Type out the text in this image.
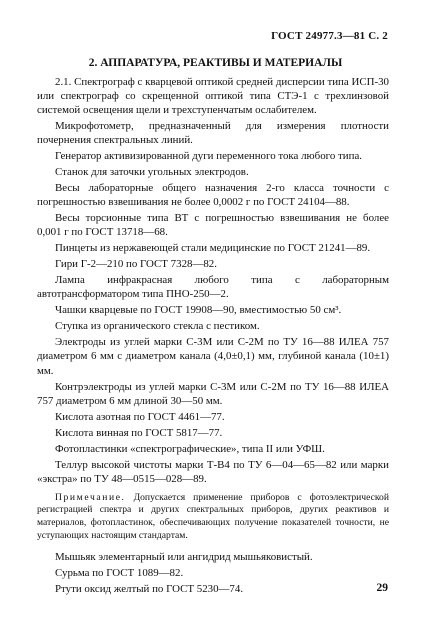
ГОСТ 24977.3—81 С. 2
2. АППАРАТУРА, РЕАКТИВЫ И МАТЕРИАЛЫ

2.1. Спектрограф с кварцевой оптикой средней дисперсии типа ИСП-30 или спектрограф со скрещенной оптикой типа СТЭ-1 с трехлинзовой системой освещения щели и трехступенчатым ослабителем.

Микрофотометр, предназначенный для измерения плотности почернения спектральных линий.

Генератор активизированной дуги переменного тока любого типа.

Станок для заточки угольных электродов.

Весы лабораторные общего назначения 2-го класса точности с погрешностью взвешивания не более 0,0002 г по ГОСТ 24104—88.

Весы торсионные типа ВТ с погрешностью взвешивания не более 0,001 г по ГОСТ 13718—68.

Пинцеты из нержавеющей стали медицинские по ГОСТ 21241—89.

Гири Г-2—210 по ГОСТ 7328—82.

Лампа инфракрасная любого типа с лабораторным автотрансформатором типа ПНО-250—2.

Чашки кварцевые по ГОСТ 19908—90, вместимостью 50 см³.

Ступка из органического стекла с пестиком.

Электроды из углей марки С-3М или С-2М по ТУ 16—88 ИЛЕА 757 диаметром 6 мм с диаметром канала (4,0±0,1) мм, глубиной канала (10±1) мм.

Контрэлектроды из углей марки С-3М или С-2М по ТУ 16—88 ИЛЕА 757 диаметром 6 мм длиной 30—50 мм.

Кислота азотная по ГОСТ 4461—77.

Кислота винная по ГОСТ 5817—77.

Фотопластинки «спектрографические», типа II или УФШ.

Теллур высокой чистоты марки Т-В4 по ТУ 6—04—65—82 или марки «экстра» по ТУ 48—0515—028—89.

Примечание. Допускается применение приборов с фотоэлектрической регистрацией спектра и других спектральных приборов, других реактивов и материалов, фотопластинок, обеспечивающих получение показателей точности, не уступающих настоящим стандартам.

Мышьяк элементарный или ангидрид мышьяковистый.

Сурьма по ГОСТ 1089—82.

Ртути оксид желтый по ГОСТ 5230—74.	29
